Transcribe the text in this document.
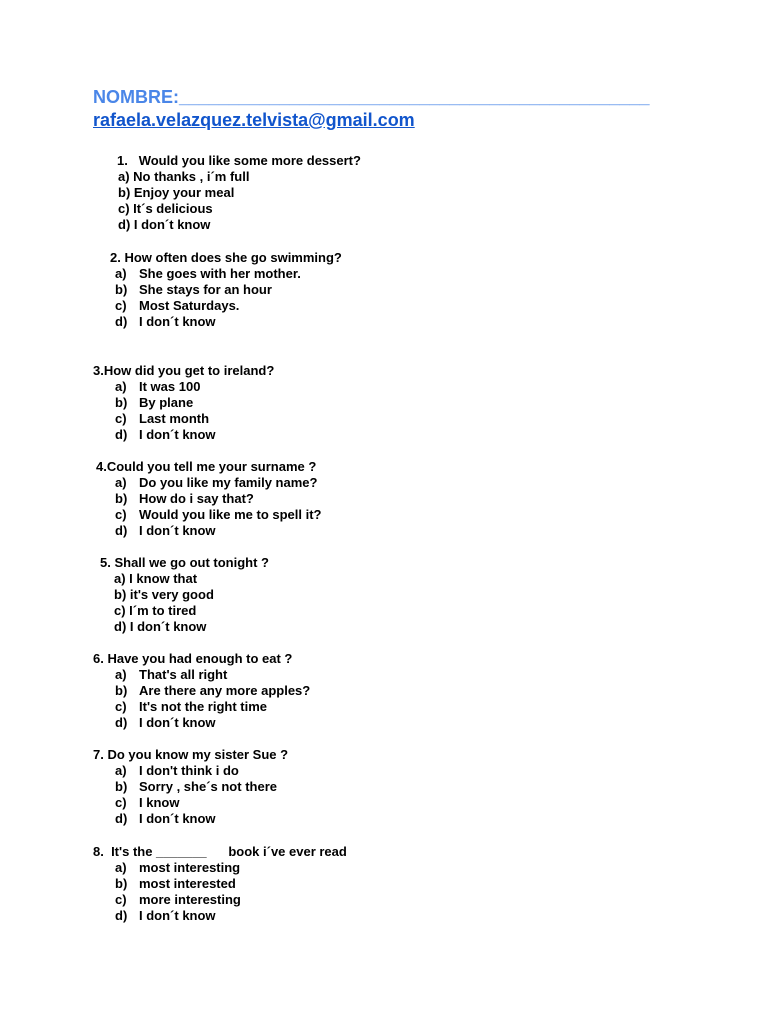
NOMBRE:_______________________________________________
rafaela.velazquez.telvista@gmail.com
1. Would you like some more dessert?
a) No thanks , i´m full
b) Enjoy your meal
c) It´s delicious
d) I don´t know
2. How often does she go swimming?
a) She goes with her mother.
b) She stays for an hour
c) Most Saturdays.
d) I don´t know
3.How did you get to ireland?
a) It was 100
b) By plane
c) Last month
d) I don´t know
4.Could you tell me your surname ?
a) Do you like my family name?
b) How do i say that?
c) Would you like me to spell it?
d) I don´t know
5. Shall we go out tonight ?
a) I know that
b) it's very good
c) I´m to tired
d) I don´t know
6. Have you had enough to eat ?
a) That's all right
b) Are there any more apples?
c) It's not the right time
d) I don´t know
7. Do you know my sister Sue ?
a) I don't think i do
b) Sorry , she´s not there
c) I know
d) I don´t know
8.  It's the _______      book i´ve ever read
a) most interesting
b) most interested
c) more interesting
d) I don´t know
